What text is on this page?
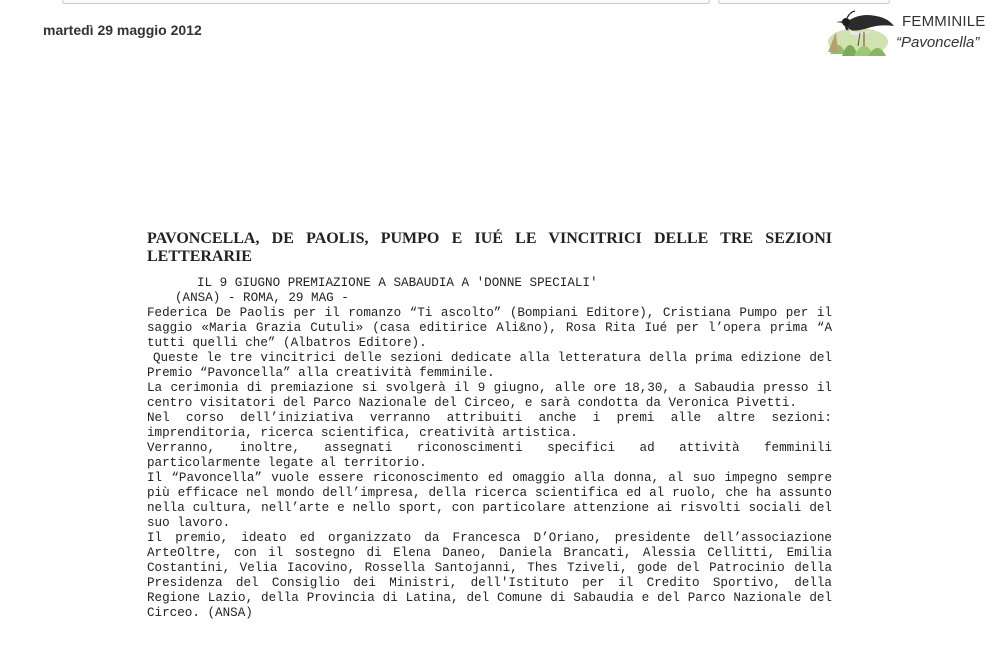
martedì 29 maggio 2012	FEMMINILE
“Pavoncella”
PAVONCELLA, DE PAOLIS, PUMPO E IUÉ LE VINCITRICI DELLE TRE SEZIONI LETTERARIE

IL 9 GIUGNO PREMIAZIONE A SABAUDIA A 'DONNE SPECIALI'

(ANSA) - ROMA, 29 MAG -

Federica De Paolis per il romanzo “Ti ascolto” (Bompiani Editore), Cristiana Pumpo per il saggio «Maria Grazia Cutuli» (casa editirice Ali&no), Rosa Rita Iué per l’opera prima “A tutti quelli che” (Albatros Editore).

Queste le tre vincitrici delle sezioni dedicate alla letteratura della prima edizione del Premio “Pavoncella” alla creatività femminile.

La cerimonia di premiazione si svolgerà il 9 giugno, alle ore 18,30, a Sabaudia presso il centro visitatori del Parco Nazionale del Circeo, e sarà condotta da Veronica Pivetti.

Nel corso dell’iniziativa verranno attribuiti anche i premi alle altre sezioni: imprenditoria, ricerca scientifica, creatività artistica.

Verranno, inoltre, assegnati riconoscimenti specifici ad attività femminili particolarmente legate al territorio.

Il “Pavoncella” vuole essere riconoscimento ed omaggio alla donna, al suo impegno sempre più efficace nel mondo dell’impresa, della ricerca scientifica ed al ruolo, che ha assunto nella cultura, nell’arte e nello sport, con particolare attenzione ai risvolti sociali del suo lavoro.

Il premio, ideato ed organizzato da Francesca D’Oriano, presidente dell’associazione ArteOltre, con il sostegno di Elena Daneo, Daniela Brancati, Alessia Cellitti, Emilia Costantini, Velia Iacovino, Rossella Santojanni, Thes Tziveli, gode del Patrocinio della Presidenza del Consiglio dei Ministri, dell'Istituto per il Credito Sportivo, della Regione Lazio, della Provincia di Latina, del Comune di Sabaudia e del Parco Nazionale del Circeo. (ANSA)
